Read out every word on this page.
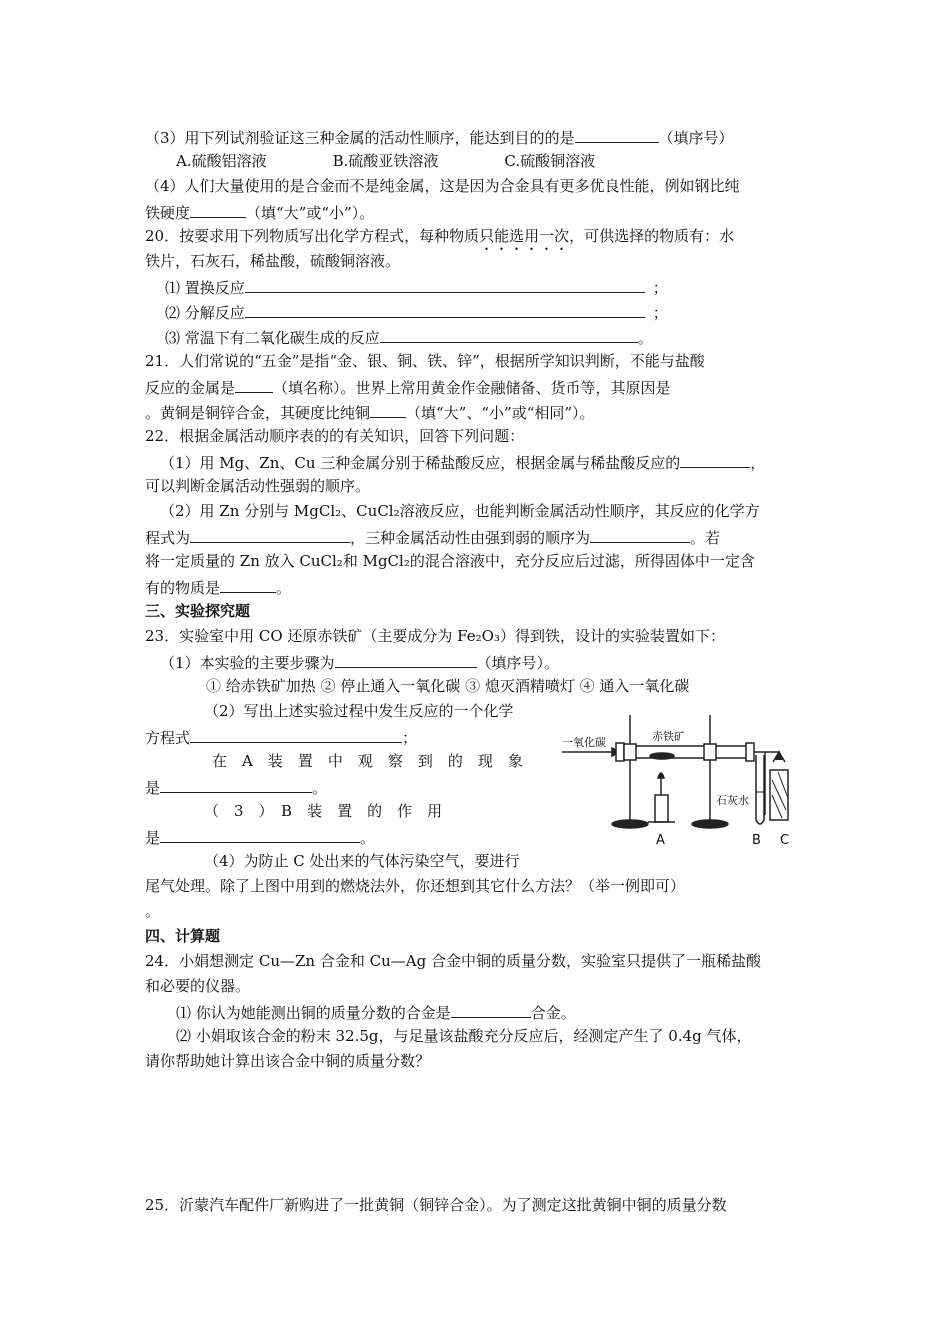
（3）用下列试剂验证这三种金属的活动性顺序，能达到目的的是	（填序号）
A.硫酸铝溶液	B.硫酸亚铁溶液	C.硫酸铜溶液
（4）人们大量使用的是合金而不是纯金属，这是因为合金具有更多优良性能，例如钢比纯
铁硬度	（填“大”或“小”）。
20．按要求用下列物质写出化学方程式，每种物质只能选用一次，可供选择的物质有：水
铁片，石灰石，稀盐酸，硫酸铜溶液。
⑴ 置换反应	；
⑵ 分解反应	；
⑶ 常温下有二氧化碳生成的反应	。
21．人们常说的“五金”是指“金、银、铜、铁、锌”，根据所学知识判断，不能与盐酸
反应的金属是	（填名称）。世界上常用黄金作金融储备、货币等，其原因是
。黄铜是铜锌合金，其硬度比纯铜 （填“大”、“小”或“相同”）。
22．根据金属活动顺序表的的有关知识，回答下列问题：
（1）用 Mg、Zn、Cu 三种金属分别于稀盐酸反应，根据金属与稀盐酸反应的	，
可以判断金属活动性强弱的顺序。
（2）用 Zn 分别与 MgCl₂、CuCl₂溶液反应，也能判断金属活动性顺序，其反应的化学方
程式为	，三种金属活动性由强到弱的顺序为	。若
将一定质量的 Zn 放入 CuCl₂和 MgCl₂的混合溶液中，充分反应后过滤，所得固体中一定含
有的物质是	。
三、实验探究题
23．实验室中用 CO 还原赤铁矿（主要成分为 Fe₂O₃）得到铁，设计的实验装置如下：
（1）本实验的主要步骤为	（填序号）。
① 给赤铁矿加热 ② 停止通入一氧化碳 ③ 熄灭酒精喷灯 ④ 通入一氧化碳
（2）写出上述实验过程中发生反应的一个化学
方程式	；
在　A　装　置　中　观　察　到　的　现　象
是	。
（　3　）　B　装　置　的　作　用
是	。
（4）为防止 C 处出来的气体污染空气，要进行
尾气处理。除了上图中用到的燃烧法外，你还想到其它什么方法？（举一例即可）
。
一氧化碳	赤铁矿
石灰水
A	B C
四、计算题
24．小娟想测定 Cu—Zn 合金和 Cu—Ag 合金中铜的质量分数，实验室只提供了一瓶稀盐酸
和必要的仪器。
⑴ 你认为她能测出铜的质量分数的合金是	合金。
⑵ 小娟取该合金的粉末 32.5g，与足量该盐酸充分反应后，经测定产生了 0.4g 气体，
请你帮助她计算出该合金中铜的质量分数？
25．沂蒙汽车配件厂新购进了一批黄铜（铜锌合金）。为了测定这批黄铜中铜的质量分数
